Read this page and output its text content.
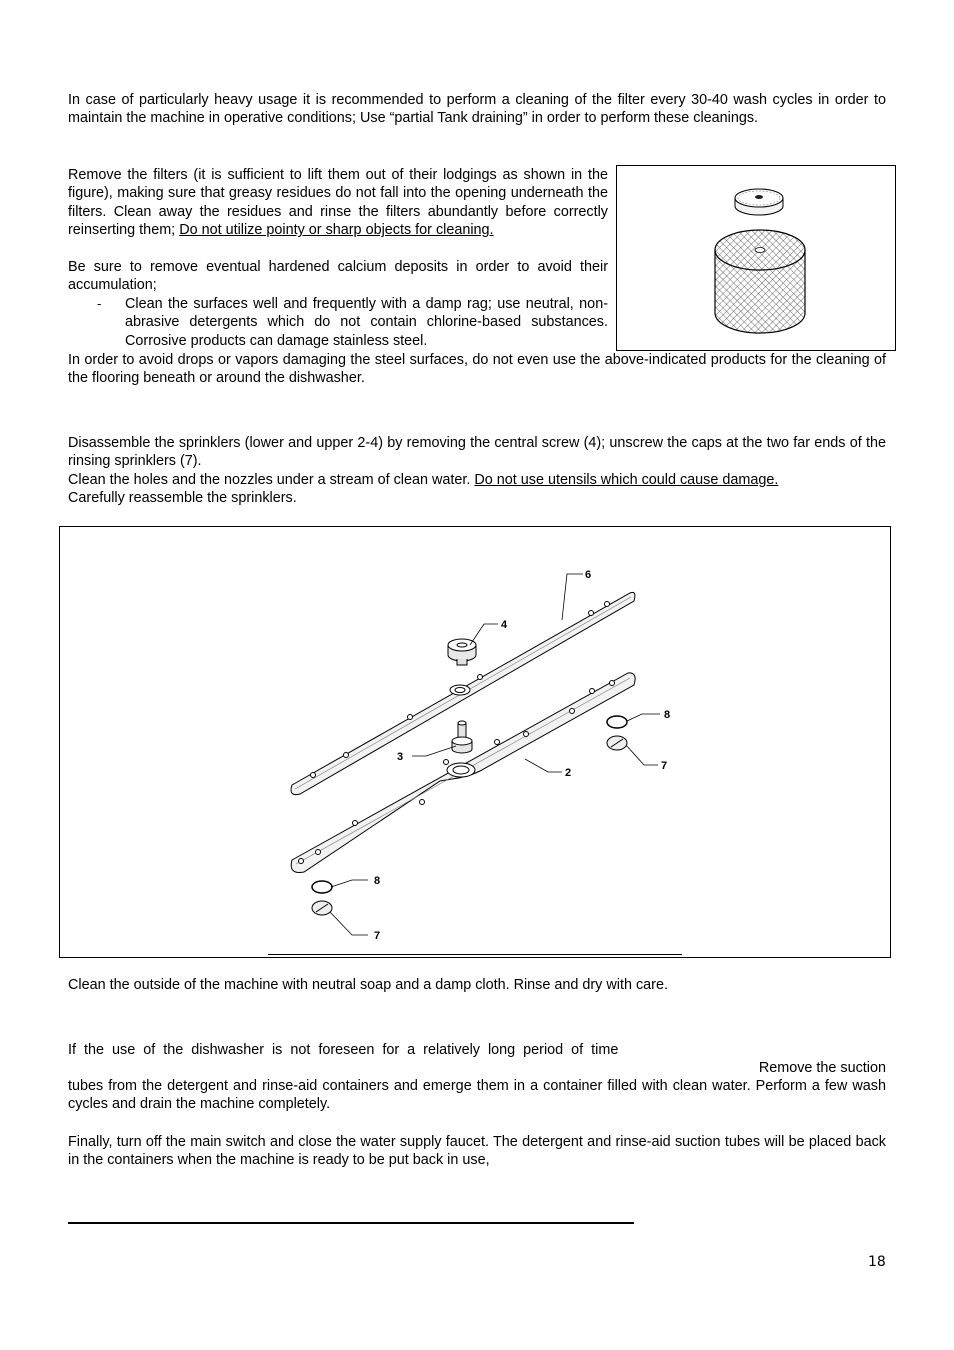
In case of particularly heavy usage it is recommended to perform a cleaning of the filter every 30-40 wash cycles in order to maintain the machine in operative conditions; Use “partial Tank draining” in order to perform these cleanings.

Remove the filters (it is sufficient to lift them out of their lodgings as shown in the figure), making sure that greasy residues do not fall into the opening underneath the filters. Clean away the residues and rinse the filters abundantly before correctly reinserting them; Do not utilize pointy or sharp objects for cleaning.

Be sure to remove eventual hardened calcium deposits in order to avoid their accumulation;

- Clean the surfaces well and frequently with a damp rag; use neutral, non-abrasive detergents which do not contain chlorine-based substances. Corrosive products can damage stainless steel.

In order to avoid drops or vapors damaging the steel surfaces, do not even use the above-indicated products for the cleaning of the flooring beneath or around the dishwasher.

Disassemble the sprinklers (lower and upper 2-4) by removing the central screw (4); unscrew the caps at the two far ends of the rinsing sprinklers (7).

Clean the holes and the nozzles under a stream of clean water. Do not use utensils which could cause damage.
Carefully reassemble the sprinklers.

6
4
8
7
3
2
8
7

Clean the outside of the machine with neutral soap and a damp cloth. Rinse and dry with care.

If the use of the dishwasher is not foreseen for a relatively long period of time

Remove the suction

tubes from the detergent and rinse-aid containers and emerge them in a container filled with clean water. Perform a few wash cycles and drain the machine completely.

Finally, turn off the main switch and close the water supply faucet. The detergent and rinse-aid suction tubes will be placed back in the containers when the machine is ready to be put back in use,

18
